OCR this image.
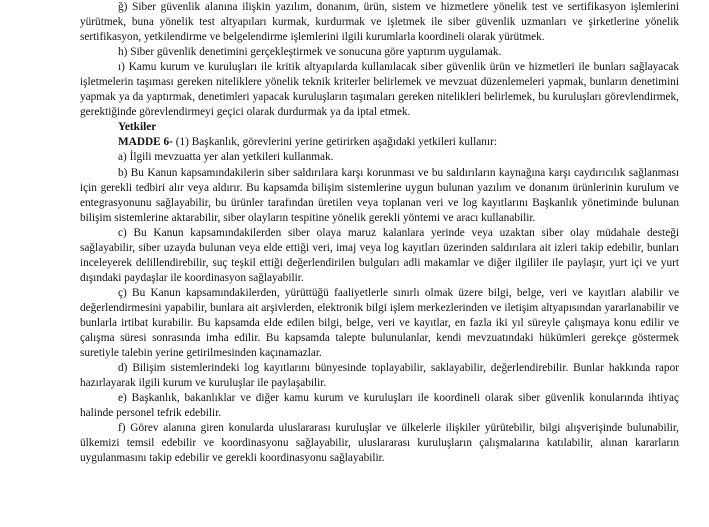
ğ) Siber güvenlik alanına ilişkin yazılım, donanım, ürün, sistem ve hizmetlere yönelik test ve sertifikasyon işlemlerini yürütmek, buna yönelik test altyapıları kurmak, kurdurmak ve işletmek ile siber güvenlik uzmanları ve şirketlerine yönelik sertifikasyon, yetkilendirme ve belgelendirme işlemlerini ilgili kurumlarla koordineli olarak yürütmek.

h) Siber güvenlik denetimini gerçekleştirmek ve sonucuna göre yaptırım uygulamak.

ı) Kamu kurum ve kuruluşları ile kritik altyapılarda kullanılacak siber güvenlik ürün ve hizmetleri ile bunları sağlayacak işletmelerin taşıması gereken niteliklere yönelik teknik kriterler belirlemek ve mevzuat düzenlemeleri yapmak, bunların denetimini yapmak ya da yaptırmak, denetimleri yapacak kuruluşların taşımaları gereken nitelikleri belirlemek, bu kuruluşları görevlendirmek, gerektiğinde görevlendirmeyi geçici olarak durdurmak ya da iptal etmek.

Yetkiler

MADDE 6- (1) Başkanlık, görevlerini yerine getirirken aşağıdaki yetkileri kullanır:

a) İlgili mevzuatta yer alan yetkileri kullanmak.

b) Bu Kanun kapsamındakilerin siber saldırılara karşı korunması ve bu saldırıların kaynağına karşı caydırıcılık sağlanması için gerekli tedbiri alır veya aldırır. Bu kapsamda bilişim sistemlerine uygun bulunan yazılım ve donanım ürünlerinin kurulum ve entegrasyonunu sağlayabilir, bu ürünler tarafından üretilen veya toplanan veri ve log kayıtlarını Başkanlık yönetiminde bulunan bilişim sistemlerine aktarabilir, siber olayların tespitine yönelik gerekli yöntemi ve aracı kullanabilir.

c) Bu Kanun kapsamındakilerden siber olaya maruz kalanlara yerinde veya uzaktan siber olay müdahale desteği sağlayabilir, siber uzayda bulunan veya elde ettiği veri, imaj veya log kayıtları üzerinden saldırılara ait izleri takip edebilir, bunları inceleyerek delillendirebilir, suç teşkil ettiği değerlendirilen bulguları adli makamlar ve diğer ilgililer ile paylaşır, yurt içi ve yurt dışındaki paydaşlar ile koordinasyon sağlayabilir.

ç) Bu Kanun kapsamındakilerden, yürüttüğü faaliyetlerle sınırlı olmak üzere bilgi, belge, veri ve kayıtları alabilir ve değerlendirmesini yapabilir, bunlara ait arşivlerden, elektronik bilgi işlem merkezlerinden ve iletişim altyapısından yararlanabilir ve bunlarla irtibat kurabilir. Bu kapsamda elde edilen bilgi, belge, veri ve kayıtlar, en fazla iki yıl süreyle çalışmaya konu edilir ve çalışma süresi sonrasında imha edilir. Bu kapsamda talepte bulunulanlar, kendi mevzuatındaki hükümleri gerekçe göstermek suretiyle talebin yerine getirilmesinden kaçınamazlar.

d) Bilişim sistemlerindeki log kayıtlarını bünyesinde toplayabilir, saklayabilir, değerlendirebilir. Bunlar hakkında rapor hazırlayarak ilgili kurum ve kuruluşlar ile paylaşabilir.

e) Başkanlık, bakanlıklar ve diğer kamu kurum ve kuruluşları ile koordineli olarak siber güvenlik konularında ihtiyaç halinde personel tefrik edebilir.

f) Görev alanına giren konularda uluslararası kuruluşlar ve ülkelerle ilişkiler yürütebilir, bilgi alışverişinde bulunabilir, ülkemizi temsil edebilir ve koordinasyonu sağlayabilir, uluslararası kuruluşların çalışmalarına katılabilir, alınan kararların uygulanmasını takip edebilir ve gerekli koordinasyonu sağlayabilir.
